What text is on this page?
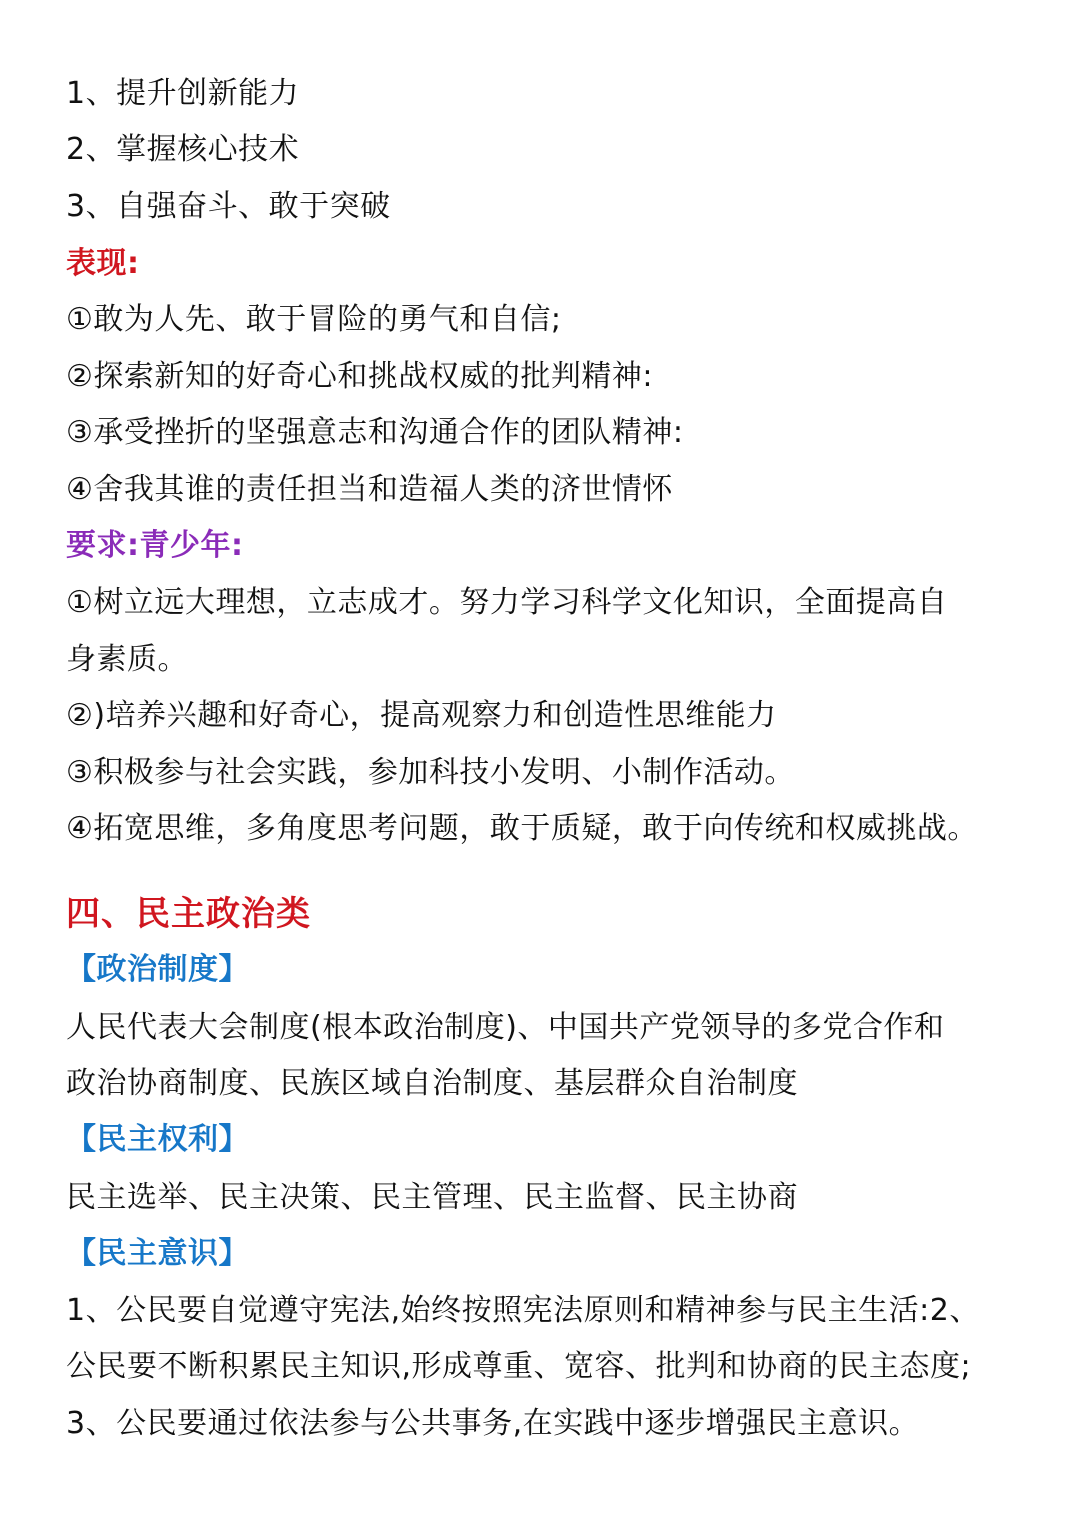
1、提升创新能力
2、掌握核心技术
3、自强奋斗、敢于突破
表现:
①敢为人先、敢于冒险的勇气和自信;
②探索新知的好奇心和挑战权威的批判精神:
③承受挫折的坚强意志和沟通合作的团队精神:
④舍我其谁的责任担当和造福人类的济世情怀
要求:青少年:
①树立远大理想，立志成才。努力学习科学文化知识，全面提高自
身素质。
②)培养兴趣和好奇心，提高观察力和创造性思维能力
③积极参与社会实践，参加科技小发明、小制作活动。
④拓宽思维，多角度思考问题，敢于质疑，敢于向传统和权威挑战。
四、民主政治类
【政治制度】
人民代表大会制度(根本政治制度)、中国共产党领导的多党合作和
政治协商制度、民族区域自治制度、基层群众自治制度
【民主权利】
民主选举、民主决策、民主管理、民主监督、民主协商
【民主意识】
1、公民要自觉遵守宪法,始终按照宪法原则和精神参与民主生活:2、
公民要不断积累民主知识,形成尊重、宽容、批判和协商的民主态度;
3、公民要通过依法参与公共事务,在实践中逐步增强民主意识。
